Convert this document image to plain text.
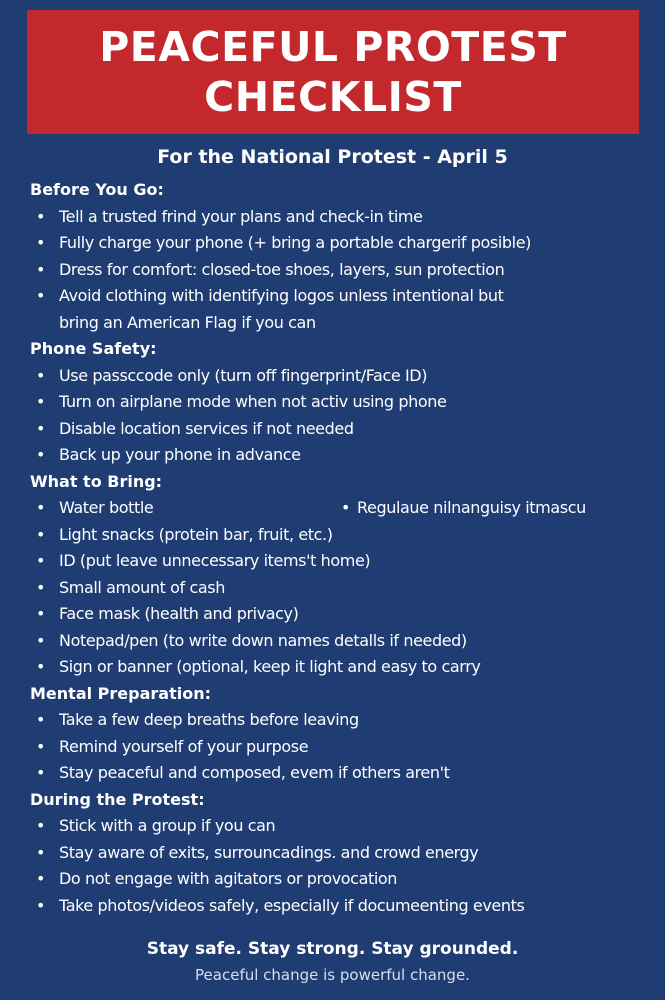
PEACEFUL PROTEST
CHECKLIST
For the National Protest - April 5
Before You Go:
• Tell a trusted frind your plans and check-in time
• Fully charge your phone (+ bring a portable chargerif posible)
• Dress for comfort: closed-toe shoes, layers, sun protection
• Avoid clothing with identifying logos unless intentional but
bring an American Flag if you can
Phone Safety:
• Use passccode only (turn off fingerprint/Face ID)
• Turn on airplane mode when not activ using phone
• Disable location services if not needed
• Back up your phone in advance
What to Bring:
• Water bottle
•	Regulaue nilnanguisy itmascu
• Light snacks (protein bar, fruit, etc.)
• ID (put leave unnecessary items't home)
• Small amount of cash
• Face mask (health and privacy)
• Notepad/pen (to write down names detalls if needed)
• Sign or banner (optional, keep it light and easy to carry
Mental Preparation:
• Take a few deep breaths before leaving
• Remind yourself of your purpose
• Stay peaceful and composed, evem if others aren't
During the Protest:
• Stick with a group if you can
• Stay aware of exits, surrouncadings. and crowd energy
• Do not engage with agitators or provocation
• Take photos/videos safely, especially if documeenting events
Stay safe. Stay strong. Stay grounded.
Peaceful change is powerful change.
